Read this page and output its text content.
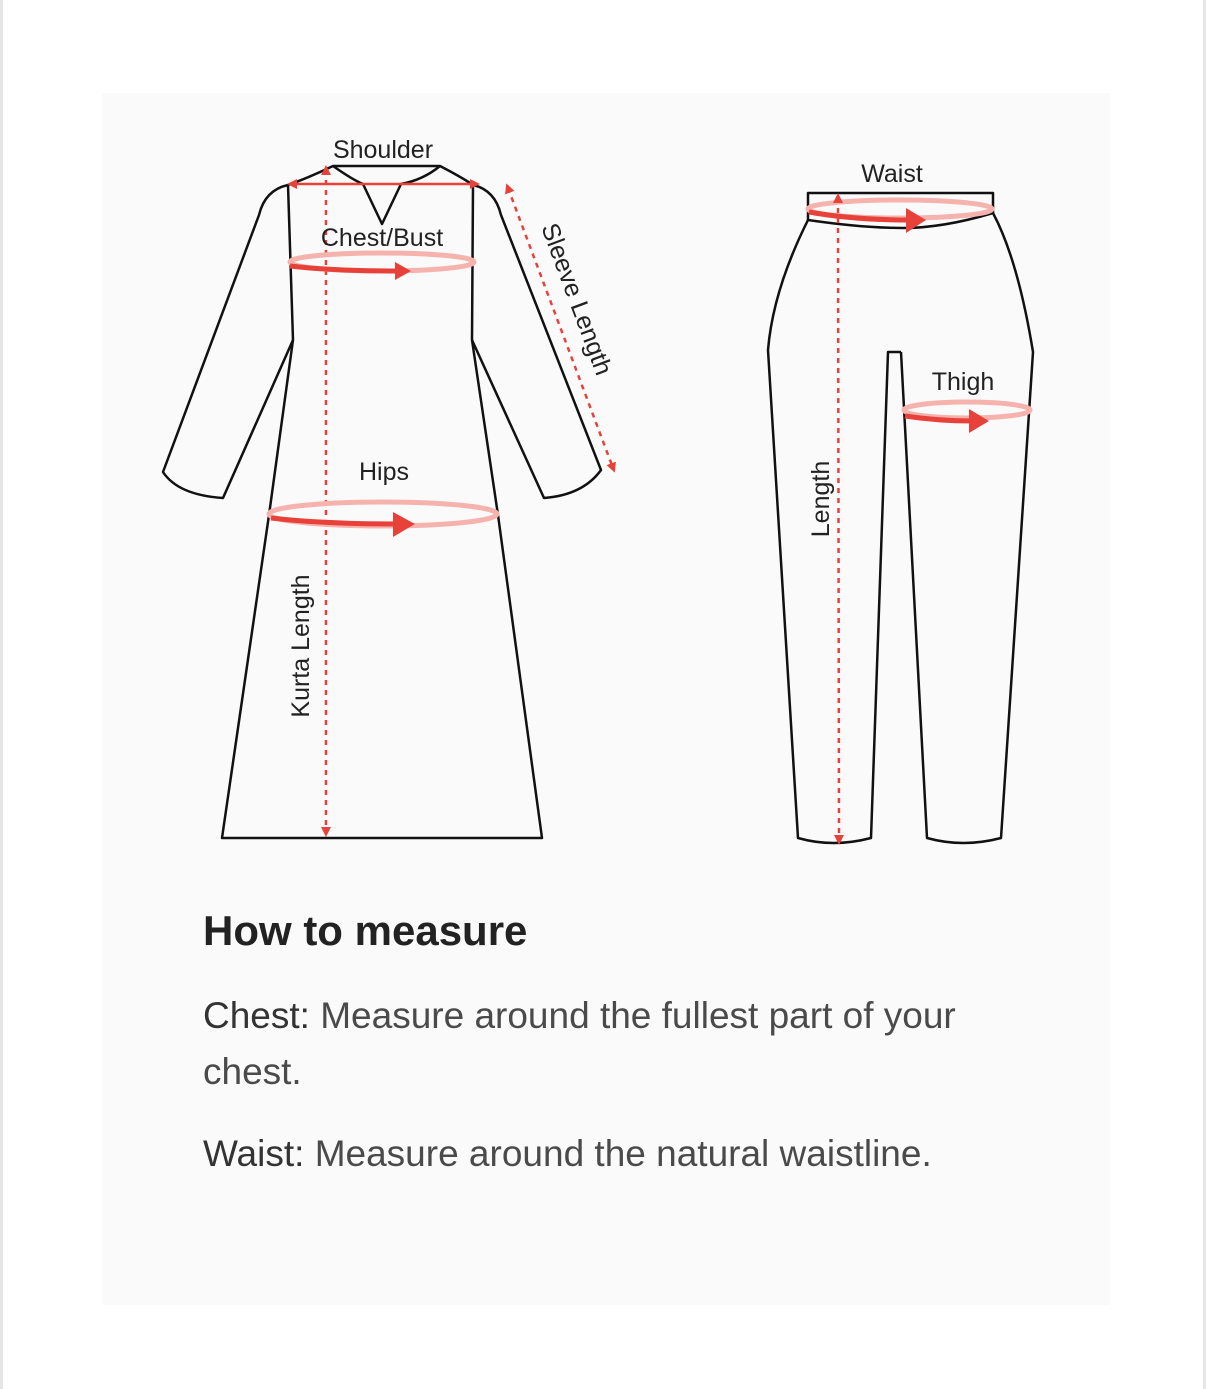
Shoulder
Chest/Bust
Hips
Kurta Length
Sleeve Length
Waist
Thigh
Length
How to measure

Chest: Measure around the fullest part of your chest.

Waist: Measure around the natural waistline.
